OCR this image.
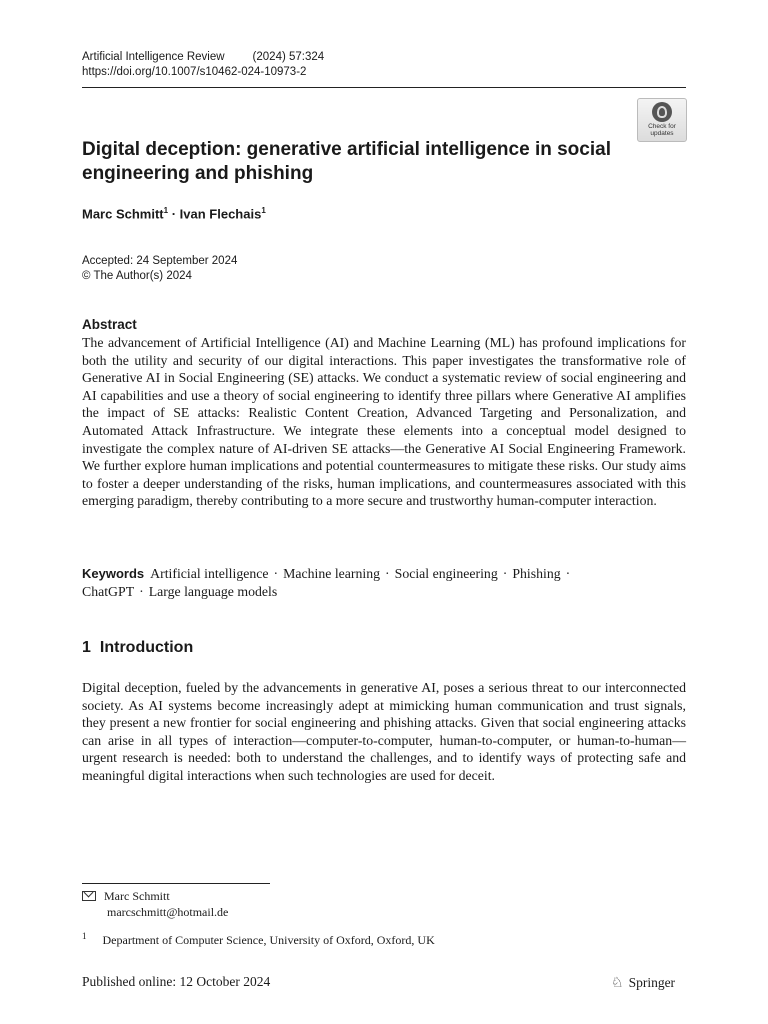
Artificial Intelligence Review (2024) 57:324
https://doi.org/10.1007/s10462-024-10973-2
Check for
updates
Digital deception: generative artificial intelligence in social engineering and phishing
Marc Schmitt$^1$ · Ivan Flechais$^1$
Accepted: 24 September 2024
© The Author(s) 2024
Abstract
The advancement of Artificial Intelligence (AI) and Machine Learning (ML) has profound implications for both the utility and security of our digital interactions. This paper investigates the transformative role of Generative AI in Social Engineering (SE) attacks. We conduct a systematic review of social engineering and AI capabilities and use a theory of social engineering to identify three pillars where Generative AI amplifies the impact of SE attacks: Realistic Content Creation, Advanced Targeting and Personalization, and Automated Attack Infrastructure. We integrate these elements into a conceptual model designed to investigate the complex nature of AI-driven SE attacks—the Generative AI Social Engineering Framework. We further explore human implications and potential countermeasures to mitigate these risks. Our study aims to foster a deeper understanding of the risks, human implications, and countermeasures associated with this emerging paradigm, thereby contributing to a more secure and trustworthy human-computer interaction.
Keywords Artificial intelligence · Machine learning · Social engineering · Phishing ·
ChatGPT · Large language models
1 Introduction
Digital deception, fueled by the advancements in generative AI, poses a serious threat to our interconnected society. As AI systems become increasingly adept at mimicking human communication and trust signals, they present a new frontier for social engineering and phishing attacks. Given that social engineering attacks can arise in all types of interaction—computer-to-computer, human-to-computer, or human-to-human—urgent research is needed: both to understand the challenges, and to identify ways of protecting safe and meaningful digital interactions when such technologies are used for deceit.
Marc Schmitt
marcschmitt@hotmail.de
$^1$ Department of Computer Science, University of Oxford, Oxford, UK
Published online: 12 October 2024	♘ Springer
